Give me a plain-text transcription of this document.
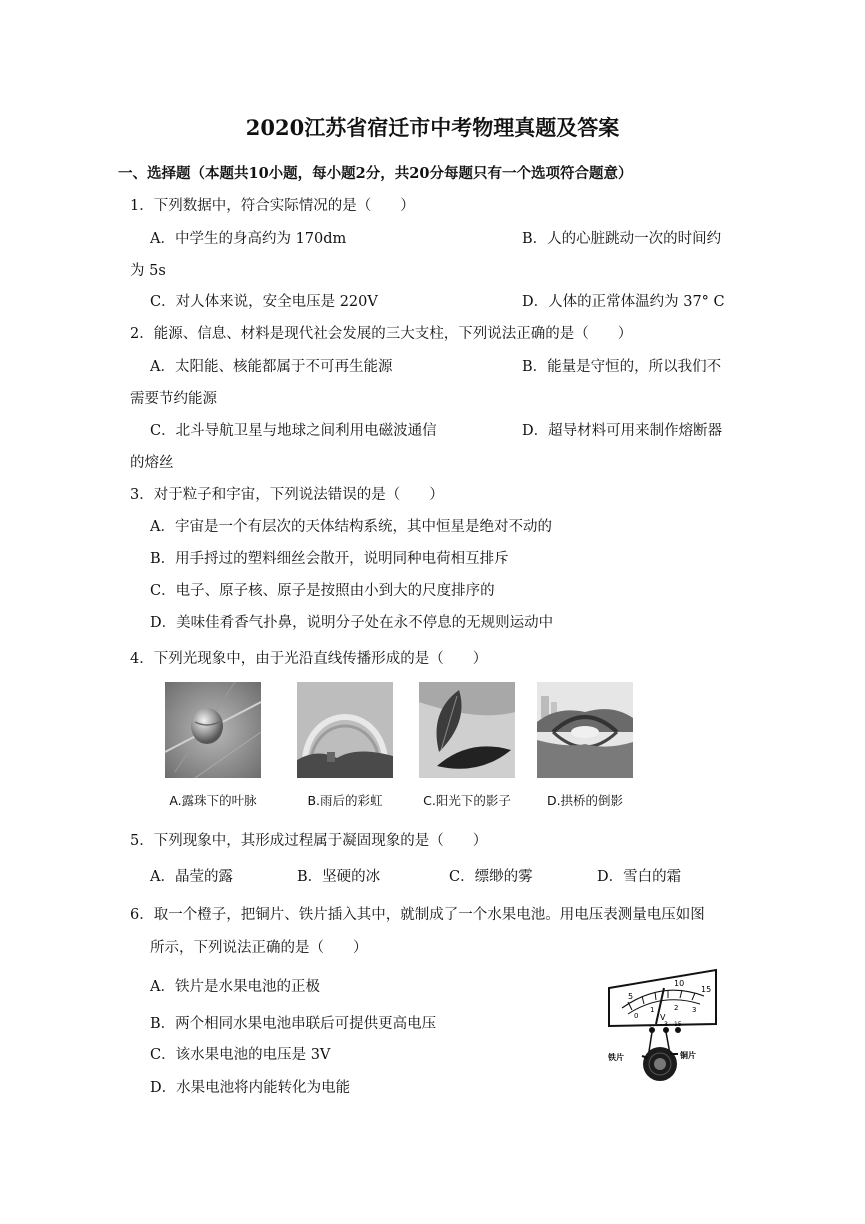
2020江苏省宿迁市中考物理真题及答案
一、选择题（本题共10小题，每小题2分，共20分每题只有一个选项符合题意）
1．下列数据中，符合实际情况的是（　　）
A．中学生的身高约为 170dm	B．人的心脏跳动一次的时间约
为 5s
C．对人体来说，安全电压是 220V	D．人体的正常体温约为 37° C
2．能源、信息、材料是现代社会发展的三大支柱，下列说法正确的是（　　）
A．太阳能、核能都属于不可再生能源	B．能量是守恒的，所以我们不
需要节约能源
C．北斗导航卫星与地球之间利用电磁波通信	D．超导材料可用来制作熔断器
的熔丝
3．对于粒子和宇宙，下列说法错误的是（　　）
A．宇宙是一个有层次的天体结构系统，其中恒星是绝对不动的
B．用手捋过的塑料细丝会散开，说明同种电荷相互排斥
C．电子、原子核、原子是按照由小到大的尺度排序的
D．美味佳肴香气扑鼻，说明分子处在永不停息的无规则运动中
4．下列光现象中，由于光沿直线传播形成的是（　　）
A.露珠下的叶脉	B.雨后的彩虹	C.阳光下的影子	D.拱桥的倒影
5．下列现象中，其形成过程属于凝固现象的是（　　）
A．晶莹的露	B．坚硬的冰	C．缥缈的雾	D．雪白的霜
6．取一个橙子，把铜片、铁片插入其中，就制成了一个水果电池。用电压表测量电压如图
所示，下列说法正确的是（　　）
A．铁片是水果电池的正极
B．两个相同水果电池串联后可提供更高电压
C．该水果电池的电压是 3V
D．水果电池将内能转化为电能
5
10
15
0
1	2 3
V
- 3 15
铁片	铜片
